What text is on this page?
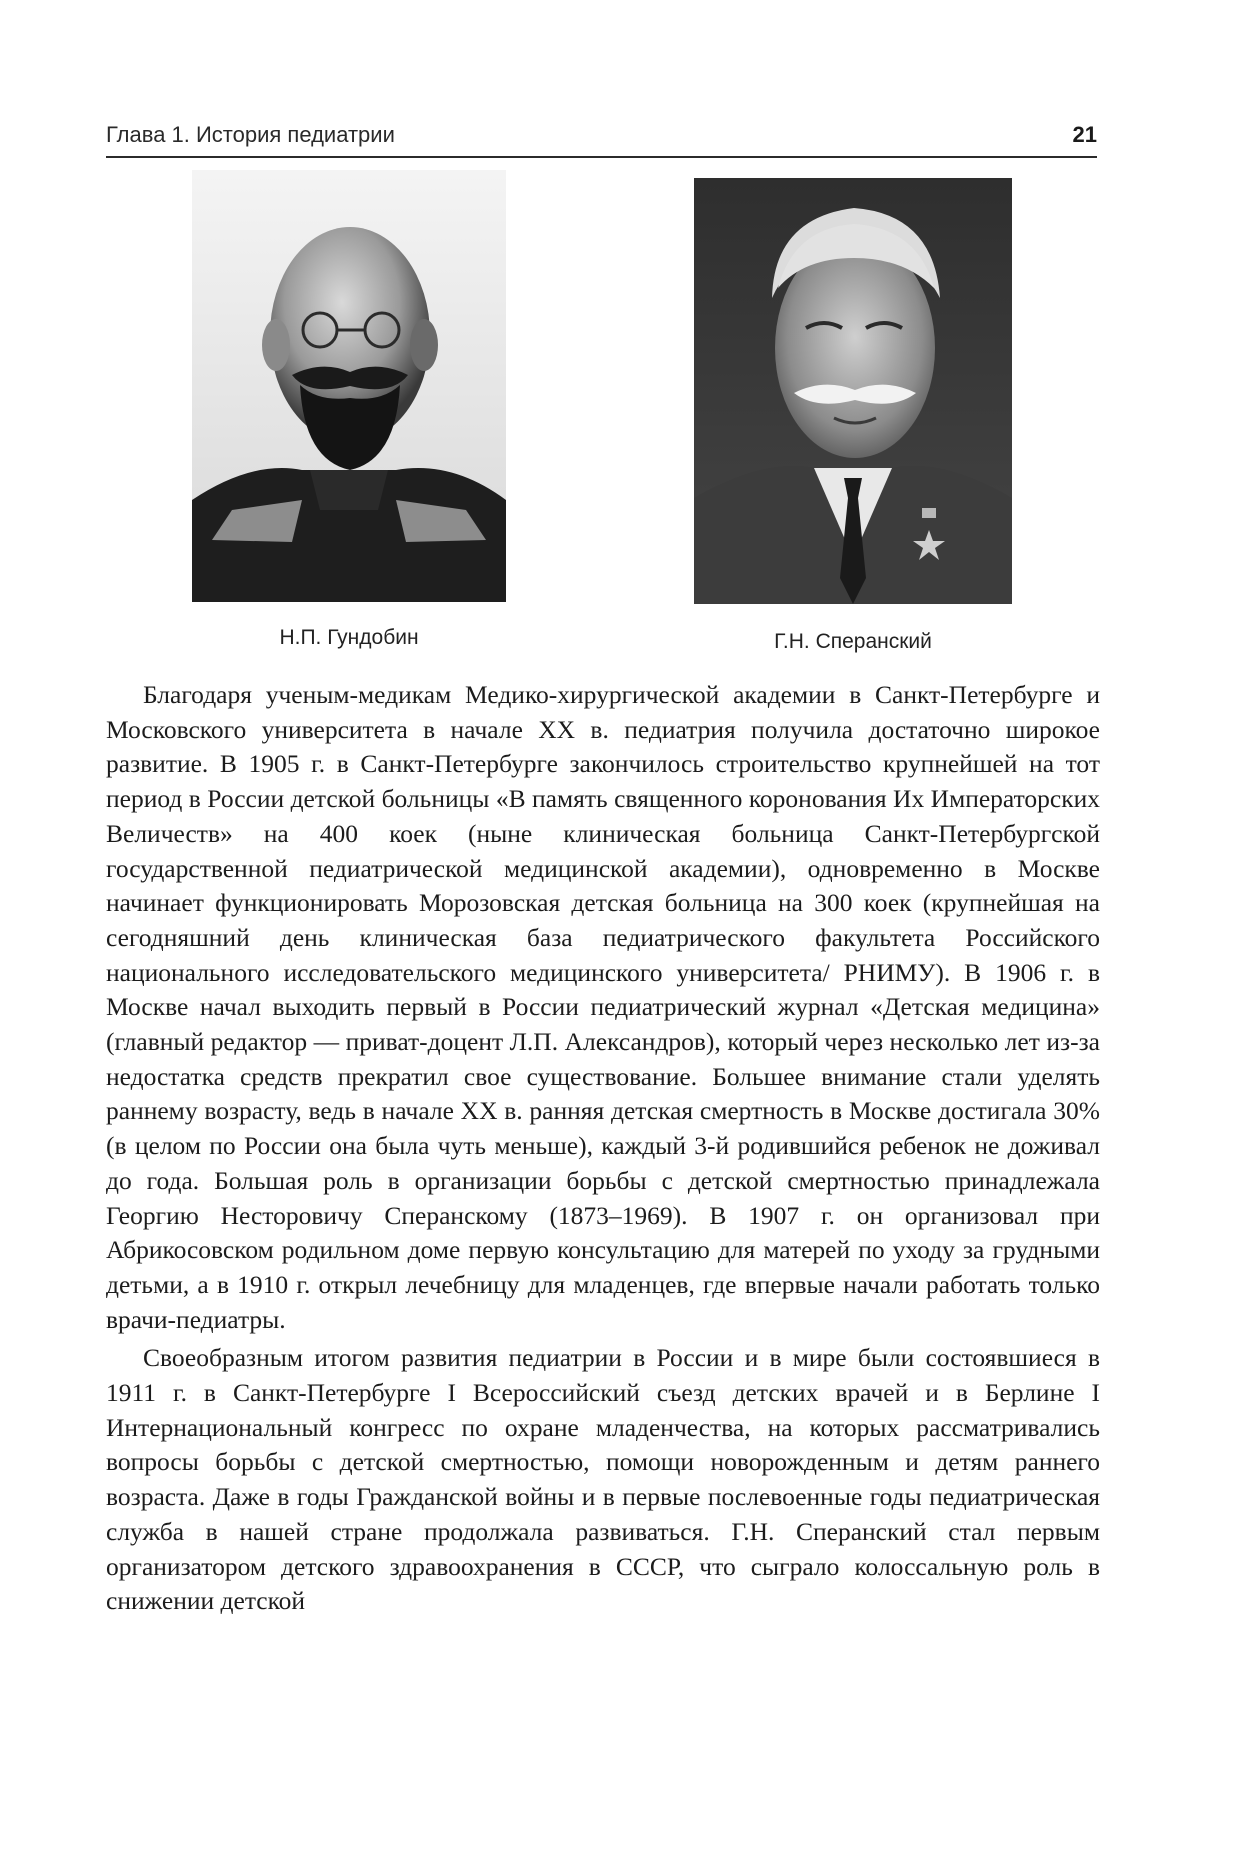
Глава 1. История педиатрии	21
Н.П. Гундобин	Г.Н. Сперанский

Благодаря ученым-медикам Медико-хирургической академии в Санкт-Петербурге и Московского университета в начале XX в. педиатрия получила достаточно широкое развитие. В 1905 г. в Санкт-Петербурге закончилось строительство крупнейшей на тот период в России детской больницы «В память священного коронования Их Императорских Величеств» на 400 коек (ныне клиническая больница Санкт-Петербургской государственной педиатрической медицинской академии), одновременно в Москве начинает функционировать Морозовская детская больница на 300 коек (крупнейшая на сегодняшний день клиническая база педиатрического факультета Российского национального исследовательского медицинского университета/ РНИМУ). В 1906 г. в Москве начал выходить первый в России педиатрический журнал «Детская медицина» (главный редактор — приват-доцент Л.П. Александров), который через несколько лет из-за недостатка средств прекратил свое существование. Большее внимание стали уделять раннему возрасту, ведь в начале XX в. ранняя детская смертность в Москве достигала 30% (в целом по России она была чуть меньше), каждый 3-й родившийся ребенок не доживал до года. Большая роль в организации борьбы с детской смертностью принадлежала Георгию Несторовичу Сперанскому (1873–1969). В 1907 г. он организовал при Абрикосовском родильном доме первую консультацию для матерей по уходу за грудными детьми, а в 1910 г. открыл лечебницу для младенцев, где впервые начали работать только врачи-педиатры.

Своеобразным итогом развития педиатрии в России и в мире были состоявшиеся в 1911 г. в Санкт-Петербурге I Всероссийский съезд детских врачей и в Берлине I Интернациональный конгресс по охране младенчества, на которых рассматривались вопросы борьбы с детской смертностью, помощи новорожденным и детям раннего возраста. Даже в годы Гражданской войны и в первые послевоенные годы педиатрическая служба в нашей стране продолжала развиваться. Г.Н. Сперанский стал первым организатором детского здравоохранения в СССР, что сыграло колоссальную роль в снижении детской
